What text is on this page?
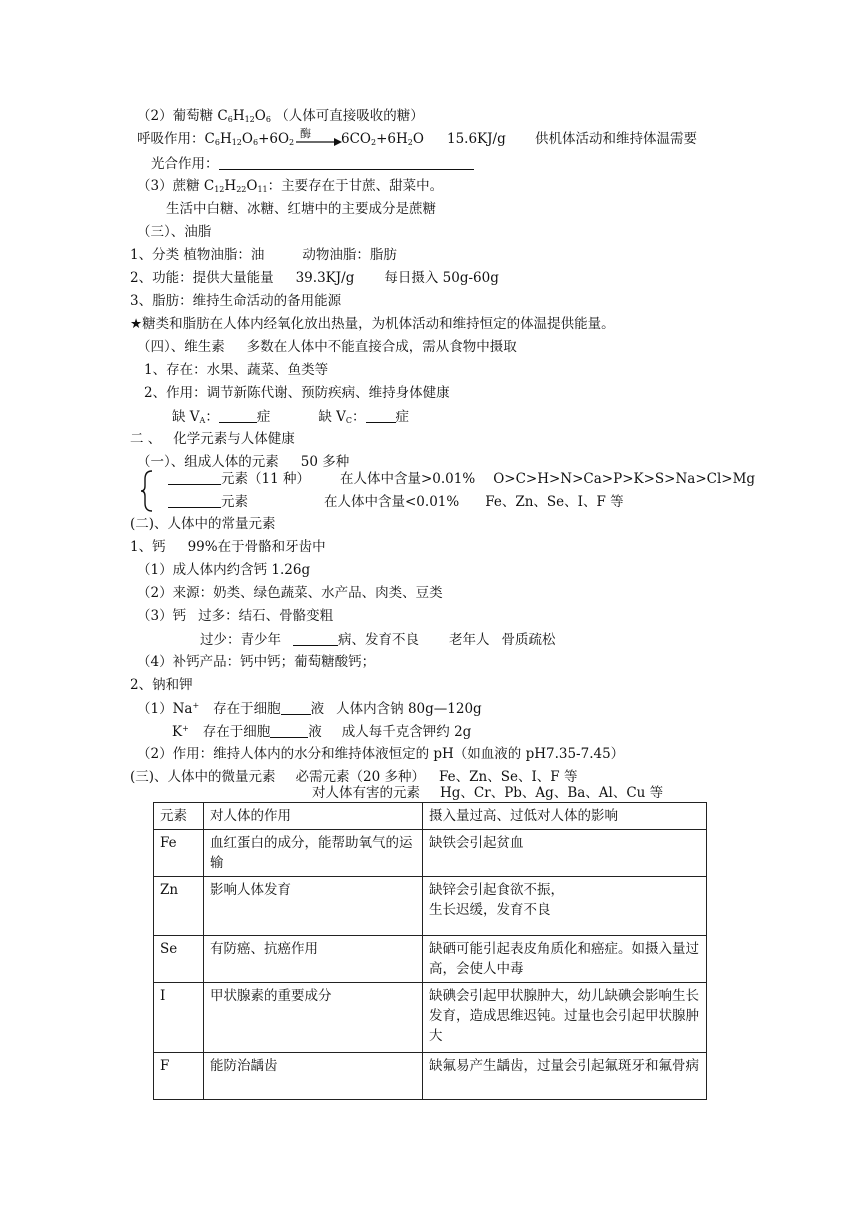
（2）葡萄糖 $C_6H_{12}O_6$ （人体可直接吸收的糖）
呼吸作用：$C_6H_{12}O_6+6O_2$
酶 → $6CO_2+6H_2O$ 15.6KJ/g 供机体活动和维持体温需要
光合作用：
（3）蔗糖 $C_{12}H_{22}O_{11}$：主要存在于甘蔗、甜菜中。
生活中白糖、冰糖、红塘中的主要成分是蔗糖
（三）、油脂
1、分类 植物油脂：油	动物油脂：脂肪
2、功能：提供大量能量 39.3KJ/g 每日摄入 50g-60g
3、脂肪：维持生命活动的备用能源
★糖类和脂肪在人体内经氧化放出热量，为机体活动和维持恒定的体温提供能量。
（四）、维生素 多数在人体中不能直接合成，需从食物中摄取
1、存在：水果、蔬菜、鱼类等
2、作用：调节新陈代谢、预防疾病、维持身体健康
缺 $V_A$：	症	缺 $V_C$： 症
二 、 化学元素与人体健康
（一）、组成人体的元素 50 多种
元素（11 种） 在人体中含量>0.01% O>C>H>N>Ca>P>K>S>Na>Cl>Mg
元素	在人体中含量<0.01% Fe、Zn、Se、I、F 等
(二)、人体中的常量元素
1、钙 99%在于骨骼和牙齿中
（1）成人体内约含钙 1.26g
（2）来源：奶类、绿色蔬菜、水产品、肉类、豆类
（3）钙 过多：结石、骨骼变粗
过少：青少年	病、发育不良 老年人 骨质疏松
（4）补钙产品：钙中钙；葡萄糖酸钙；
2、钠和钾
（1）Na+ 存在于细胞 液 人体内含钠 80g—120g
K+ 存在于细胞	液 成人每千克含钾约 2g
（2）作用：维持人体内的水分和维持体液恒定的 pH（如血液的 pH7.35-7.45）
(三)、人体中的微量元素 必需元素（20 多种） Fe、Zn、Se、I、F 等
对人体有害的元素 Hg、Cr、Pb、Ag、Ba、Al、Cu 等
元素	对人体的作用	摄入量过高、过低对人体的影响
Fe	血红蛋白的成分，能帮助氧气的运输	缺铁会引起贫血
Zn	影响人体发育	缺锌会引起食欲不振，
生长迟缓，发育不良
Se	有防癌、抗癌作用	缺硒可能引起表皮角质化和癌症。如摄入量过高，会使人中毒
I	甲状腺素的重要成分	缺碘会引起甲状腺肿大，幼儿缺碘会影响生长发育，造成思维迟钝。过量也会引起甲状腺肿大
F	能防治龋齿	缺氟易产生龋齿，过量会引起氟斑牙和氟骨病
